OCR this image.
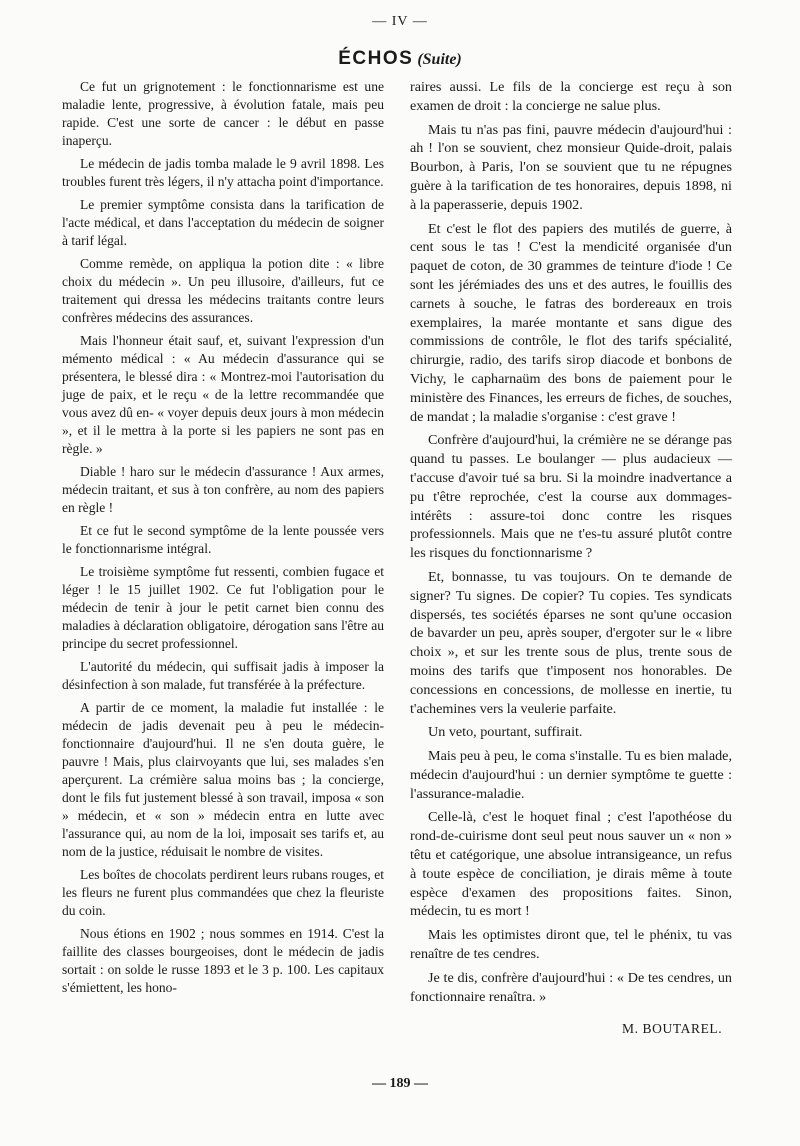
— IV —
ÉCHOS (Suite)

Ce fut un grignotement : le fonctionnarisme est une maladie lente, progressive, à évolution fatale, mais peu rapide. C'est une sorte de cancer : le début en passe inaperçu.

Le médecin de jadis tomba malade le 9 avril 1898. Les troubles furent très légers, il n'y attacha point d'importance.

Le premier symptôme consista dans la tarification de l'acte médical, et dans l'acceptation du médecin de soigner à tarif légal.

Comme remède, on appliqua la potion dite : « libre choix du médecin ». Un peu illusoire, d'ailleurs, fut ce traitement qui dressa les médecins traitants contre leurs confrères médecins des assurances.

Mais l'honneur était sauf, et, suivant l'expression d'un mémento médical : « Au médecin d'assurance qui se présentera, le blessé dira : « Montrez-moi l'autorisation du juge de paix, et le reçu « de la lettre recommandée que vous avez dû en- « voyer depuis deux jours à mon médecin », et il le mettra à la porte si les papiers ne sont pas en règle. »

Diable ! haro sur le médecin d'assurance ! Aux armes, médecin traitant, et sus à ton confrère, au nom des papiers en règle !

Et ce fut le second symptôme de la lente poussée vers le fonctionnarisme intégral.

Le troisième symptôme fut ressenti, combien fugace et léger ! le 15 juillet 1902. Ce fut l'obligation pour le médecin de tenir à jour le petit carnet bien connu des maladies à déclaration obligatoire, dérogation sans l'être au principe du secret professionnel.

L'autorité du médecin, qui suffisait jadis à imposer la désinfection à son malade, fut transférée à la préfecture.

A partir de ce moment, la maladie fut installée : le médecin de jadis devenait peu à peu le médecin-fonctionnaire d'aujourd'hui. Il ne s'en douta guère, le pauvre ! Mais, plus clairvoyants que lui, ses malades s'en aperçurent. La crémière salua moins bas ; la concierge, dont le fils fut justement blessé à son travail, imposa « son » médecin, et « son » médecin entra en lutte avec l'assurance qui, au nom de la loi, imposait ses tarifs et, au nom de la justice, réduisait le nombre de visites.

Les boîtes de chocolats perdirent leurs rubans rouges, et les fleurs ne furent plus commandées que chez la fleuriste du coin.

Nous étions en 1902 ; nous sommes en 1914. C'est la faillite des classes bourgeoises, dont le médecin de jadis sortait : on solde le russe 1893 et le 3 p. 100. Les capitaux s'émiettent, les hono-

raires aussi. Le fils de la concierge est reçu à son examen de droit : la concierge ne salue plus.

Mais tu n'as pas fini, pauvre médecin d'aujourd'hui : ah ! l'on se souvient, chez monsieur Quide-droit, palais Bourbon, à Paris, l'on se souvient que tu ne répugnes guère à la tarification de tes honoraires, depuis 1898, ni à la paperasserie, depuis 1902.

Et c'est le flot des papiers des mutilés de guerre, à cent sous le tas ! C'est la mendicité organisée d'un paquet de coton, de 30 grammes de teinture d'iode ! Ce sont les jérémiades des uns et des autres, le fouillis des carnets à souche, le fatras des bordereaux en trois exemplaires, la marée montante et sans digue des commissions de contrôle, le flot des tarifs spécialité, chirurgie, radio, des tarifs sirop diacode et bonbons de Vichy, le capharnaüm des bons de paiement pour le ministère des Finances, les erreurs de fiches, de souches, de mandat ; la maladie s'organise : c'est grave !

Confrère d'aujourd'hui, la crémière ne se dérange pas quand tu passes. Le boulanger — plus audacieux — t'accuse d'avoir tué sa bru. Si la moindre inadvertance a pu t'être reprochée, c'est la course aux dommages-intérêts : assure-toi donc contre les risques professionnels. Mais que ne t'es-tu assuré plutôt contre les risques du fonctionnarisme ?

Et, bonnasse, tu vas toujours. On te demande de signer? Tu signes. De copier? Tu copies. Tes syndicats dispersés, tes sociétés éparses ne sont qu'une occasion de bavarder un peu, après souper, d'ergoter sur le « libre choix », et sur les trente sous de plus, trente sous de moins des tarifs que t'imposent nos honorables. De concessions en concessions, de mollesse en inertie, tu t'achemines vers la veulerie parfaite.

Un veto, pourtant, suffirait.

Mais peu à peu, le coma s'installe. Tu es bien malade, médecin d'aujourd'hui : un dernier symptôme te guette : l'assurance-maladie.

Celle-là, c'est le hoquet final ; c'est l'apothéose du rond-de-cuirisme dont seul peut nous sauver un « non » têtu et catégorique, une absolue intransigeance, un refus à toute espèce de conciliation, je dirais même à toute espèce d'examen des propositions faites. Sinon, médecin, tu es mort !

Mais les optimistes diront que, tel le phénix, tu vas renaître de tes cendres.

Je te dis, confrère d'aujourd'hui : « De tes cendres, un fonctionnaire renaîtra. »

M. BOUTAREL.
— 189 —
